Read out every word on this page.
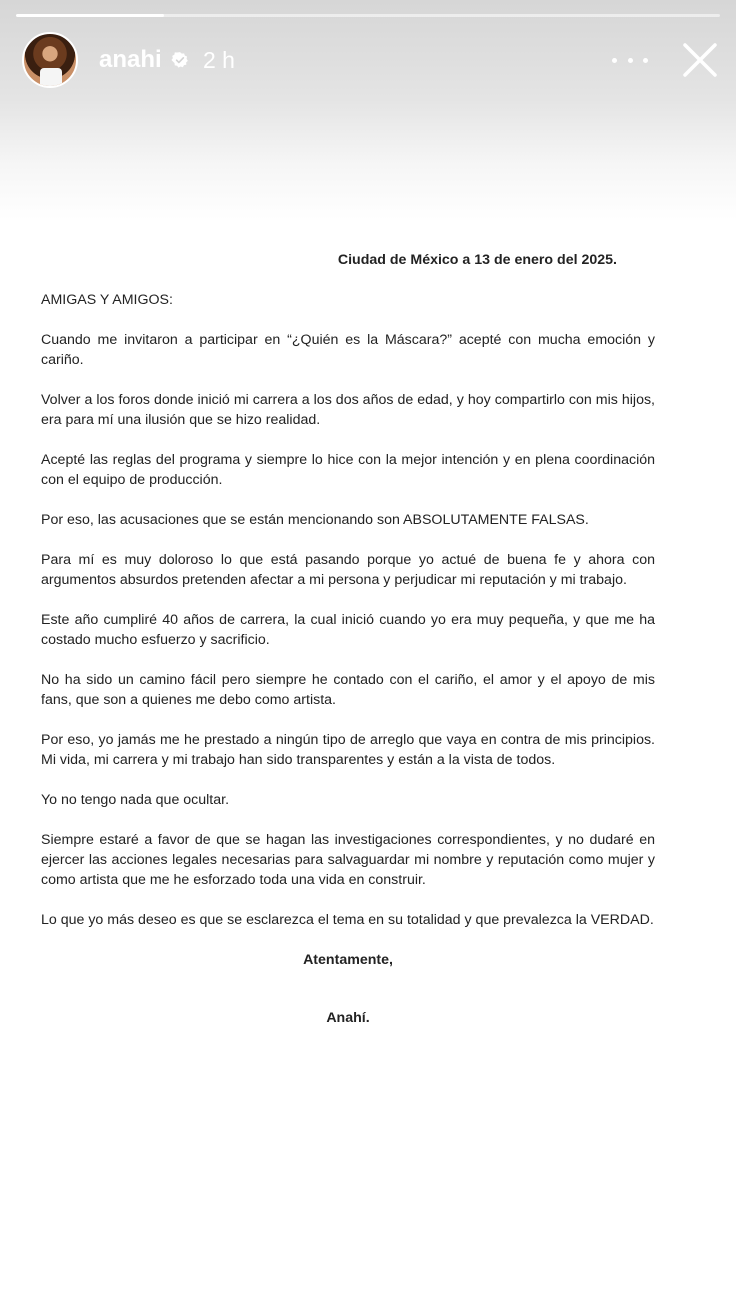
anahi 2 h

Ciudad de México a 13 de enero del 2025.

AMIGAS Y AMIGOS:

Cuando me invitaron a participar en “¿Quién es la Máscara?” acepté con mucha emoción y cariño.

Volver a los foros donde inició mi carrera a los dos años de edad, y hoy compartirlo con mis hijos, era para mí una ilusión que se hizo realidad.

Acepté las reglas del programa y siempre lo hice con la mejor intención y en plena coordinación con el equipo de producción.

Por eso, las acusaciones que se están mencionando son ABSOLUTAMENTE FALSAS.

Para mí es muy doloroso lo que está pasando porque yo actué de buena fe y ahora con argumentos absurdos pretenden afectar a mi persona y perjudicar mi reputación y mi trabajo.

Este año cumpliré 40 años de carrera, la cual inició cuando yo era muy pequeña, y que me ha costado mucho esfuerzo y sacrificio.

No ha sido un camino fácil pero siempre he contado con el cariño, el amor y el apoyo de mis fans, que son a quienes me debo como artista.

Por eso, yo jamás me he prestado a ningún tipo de arreglo que vaya en contra de mis principios. Mi vida, mi carrera y mi trabajo han sido transparentes y están a la vista de todos.

Yo no tengo nada que ocultar.

Siempre estaré a favor de que se hagan las investigaciones correspondientes, y no dudaré en ejercer las acciones legales necesarias para salvaguardar mi nombre y reputación como mujer y como artista que me he esforzado toda una vida en construir.

Lo que yo más deseo es que se esclarezca el tema en su totalidad y que prevalezca la VERDAD.

Atentamente,

Anahí.
